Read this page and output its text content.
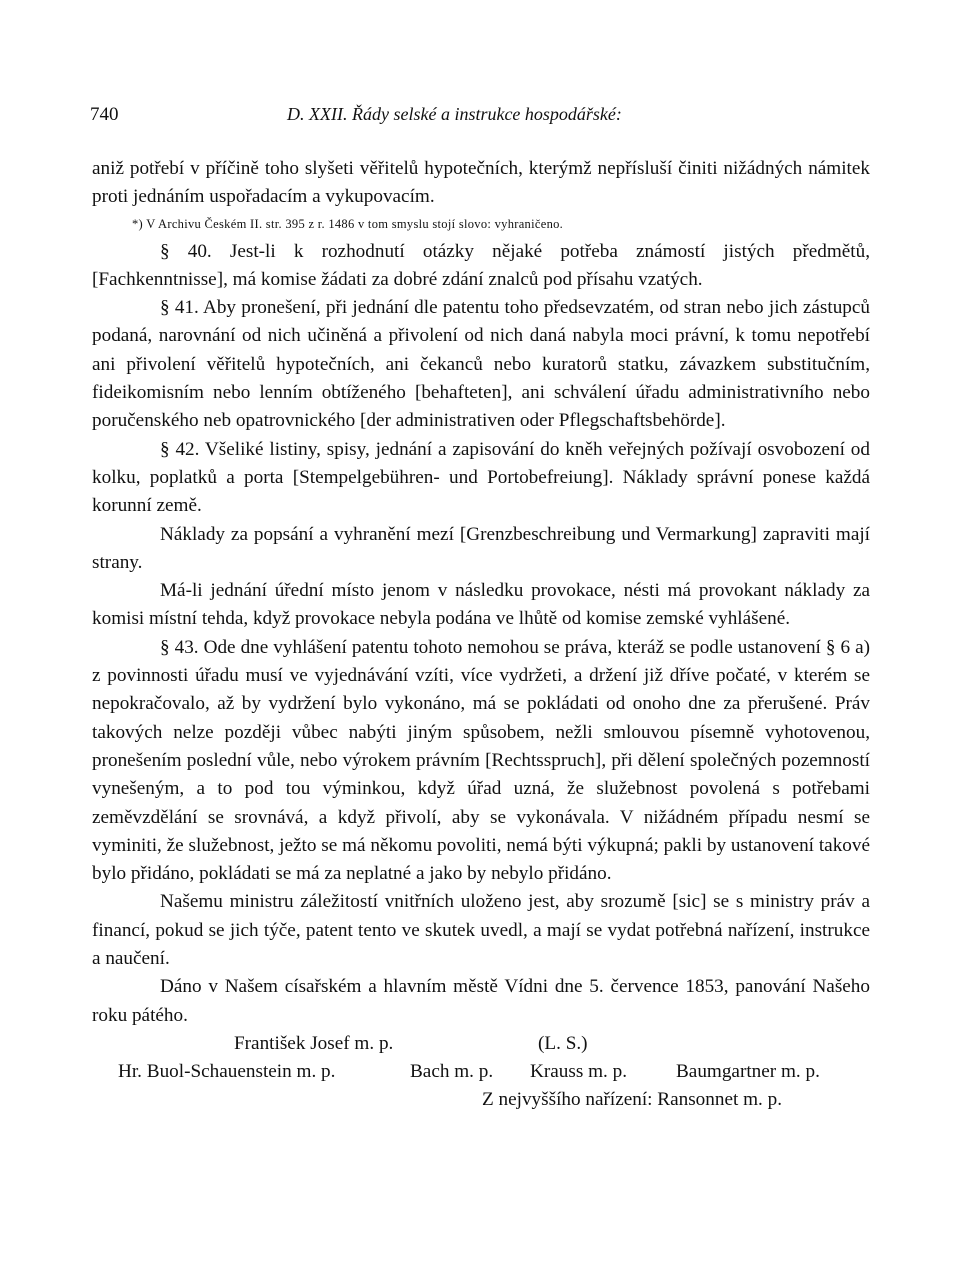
740	D. XXII. Řády selské a instrukce hospodářské:

aniž potřebí v příčině toho slyšeti věřitelů hypotečních, kterýmž nepřísluší činiti nižádných námitek proti jednáním uspořadacím a vykupovacím.

*) V Archivu Českém II. str. 395 z r. 1486 v tom smyslu stojí slovo: vyhraničeno.

§ 40. Jest-li k rozhodnutí otázky nějaké potřeba známostí jistých předmětů, [Fachkenntnisse], má komise žádati za dobré zdání znalců pod přísahu vzatých.

§ 41. Aby pronešení, při jednání dle patentu toho předsevzatém, od stran nebo jich zástupců podaná, narovnání od nich učiněná a přivolení od nich daná nabyla moci právní, k tomu nepotřebí ani přivolení věřitelů hypotečních, ani čekanců nebo kuratorů statku, závazkem substitučním, fideikomisním nebo lenním obtíženého [behafteten], ani schválení úřadu administrativního nebo poručenského neb opatrovnického [der administrativen oder Pflegschaftsbehörde].

§ 42. Všeliké listiny, spisy, jednání a zapisování do kněh veřejných požívají osvobození od kolku, poplatků a porta [Stempelgebühren- und Portobefreiung]. Náklady správní ponese každá korunní země.

Náklady za popsání a vyhranění mezí [Grenzbeschreibung und Vermarkung] zapraviti mají strany.

Má-li jednání úřední místo jenom v následku provokace, nésti má provokant náklady za komisi místní tehda, když provokace nebyla podána ve lhůtě od komise zemské vyhlášené.

§ 43. Ode dne vyhlášení patentu tohoto nemohou se práva, kteráž se podle ustanovení § 6 a) z povinnosti úřadu musí ve vyjednávání vzíti, více vydržeti, a držení již dříve počaté, v kterém se nepokračovalo, až by vydržení bylo vykonáno, má se pokládati od onoho dne za přerušené. Práv takových nelze později vůbec nabýti jiným spůsobem, nežli smlouvou písemně vyhotovenou, pronešením poslední vůle, nebo výrokem právním [Rechtsspruch], při dělení společných pozemností vynešeným, a to pod tou výminkou, když úřad uzná, že služebnost povolená s potřebami zeměvzdělání se srovnává, a když přivolí, aby se vykonávala. V nižádném případu nesmí se vyminiti, že služebnost, ježto se má někomu povoliti, nemá býti výkupná; pakli by ustanovení takové bylo přidáno, pokládati se má za neplatné a jako by nebylo přidáno.

Našemu ministru záležitostí vnitřních uloženo jest, aby srozumě [sic] se s ministry práv a financí, pokud se jich týče, patent tento ve skutek uvedl, a mají se vydat potřebná nařízení, instrukce a naučení.

Dáno v Našem císařském a hlavním městě Vídni dne 5. července 1853, panování Našeho roku pátého.

František Josef m. p.	(L. S.)
Hr. Buol-Schauenstein m. p.	Bach m. p. Krauss m. p.	Baumgartner m. p.
Z nejvyššího nařízení: Ransonnet m. p.
